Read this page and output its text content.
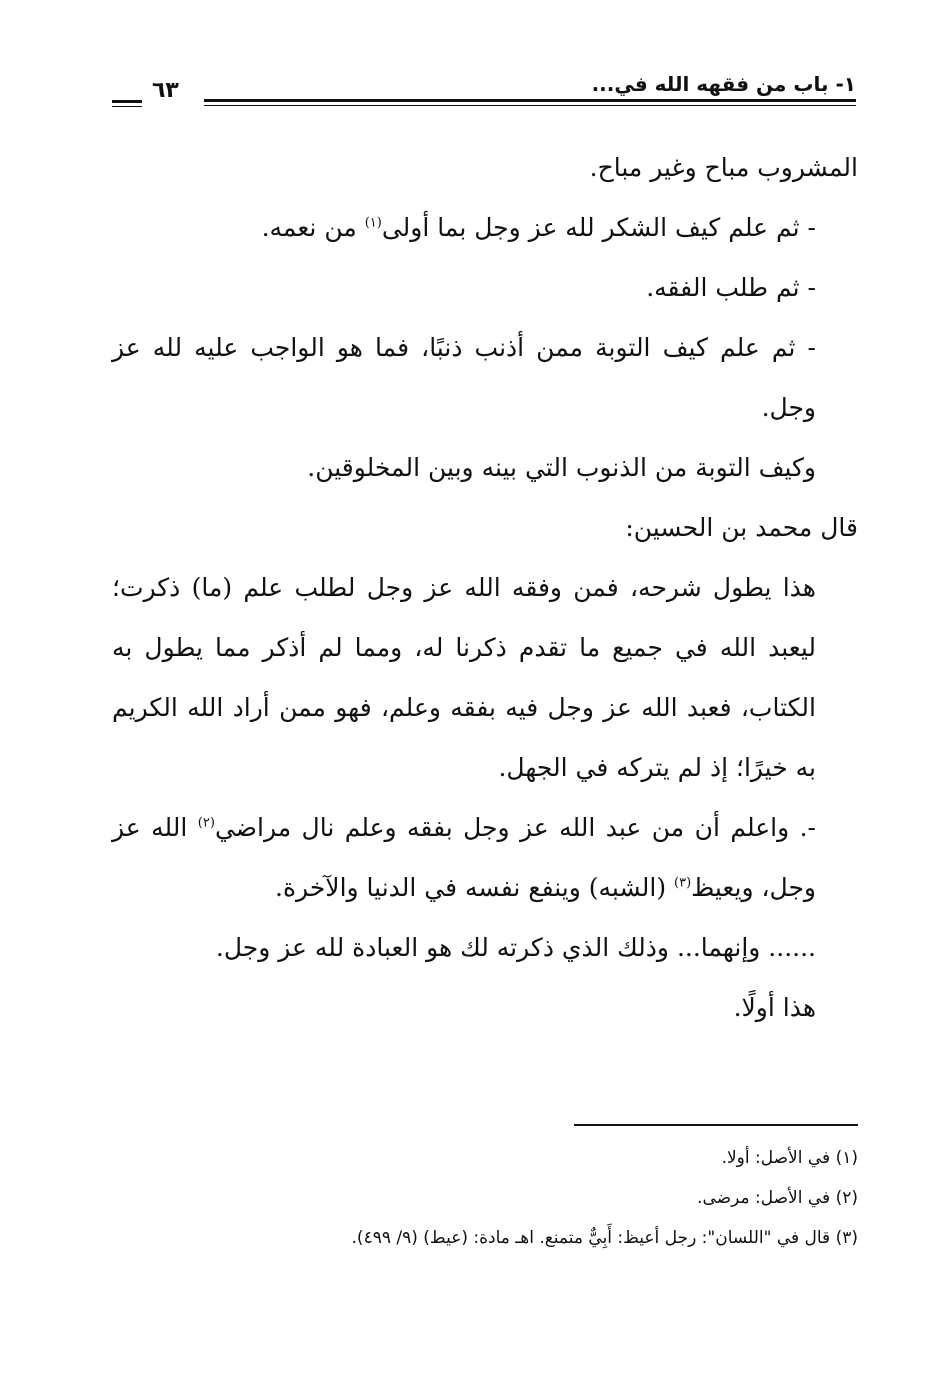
١- باب من فقهه الله في...
٦٣

المشروب مباح وغير مباح.

- ثم علم كيف الشكر لله عز وجل بما أولى$^{(١)}$ من نعمه.

- ثم طلب الفقه.

- ثم علم كيف التوبة ممن أذنب ذنبًا، فما هو الواجب عليه لله عز وجل.

وكيف التوبة من الذنوب التي بينه وبين المخلوقين.

قال محمد بن الحسين:

هذا يطول شرحه، فمن وفقه الله عز وجل لطلب علم (ما) ذكرت؛ ليعبد الله في جميع ما تقدم ذكرنا له، ومما لم أذكر مما يطول به الكتاب، فعبد الله عز وجل فيه بفقه وعلم، فهو ممن أراد الله الكريم به خيرًا؛ إذ لم يتركه في الجهل.

-. واعلم أن من عبد الله عز وجل بفقه وعلم نال مراضي$^{(٢)}$ الله عز وجل، ويعيظ$^{(٣)}$ (الشبه) وينفع نفسه في الدنيا والآخرة.

...... وإنهما... وذلك الذي ذكرته لك هو العبادة لله عز وجل.

هذا أولًا.

(١) في الأصل: أولا.

(٢) في الأصل: مرضى.

(٣) قال في "اللسان": رجل أعيظ: أَبِيٌّ متمنع. اهـ مادة: (عيط) (٩/ ٤٩٩).
